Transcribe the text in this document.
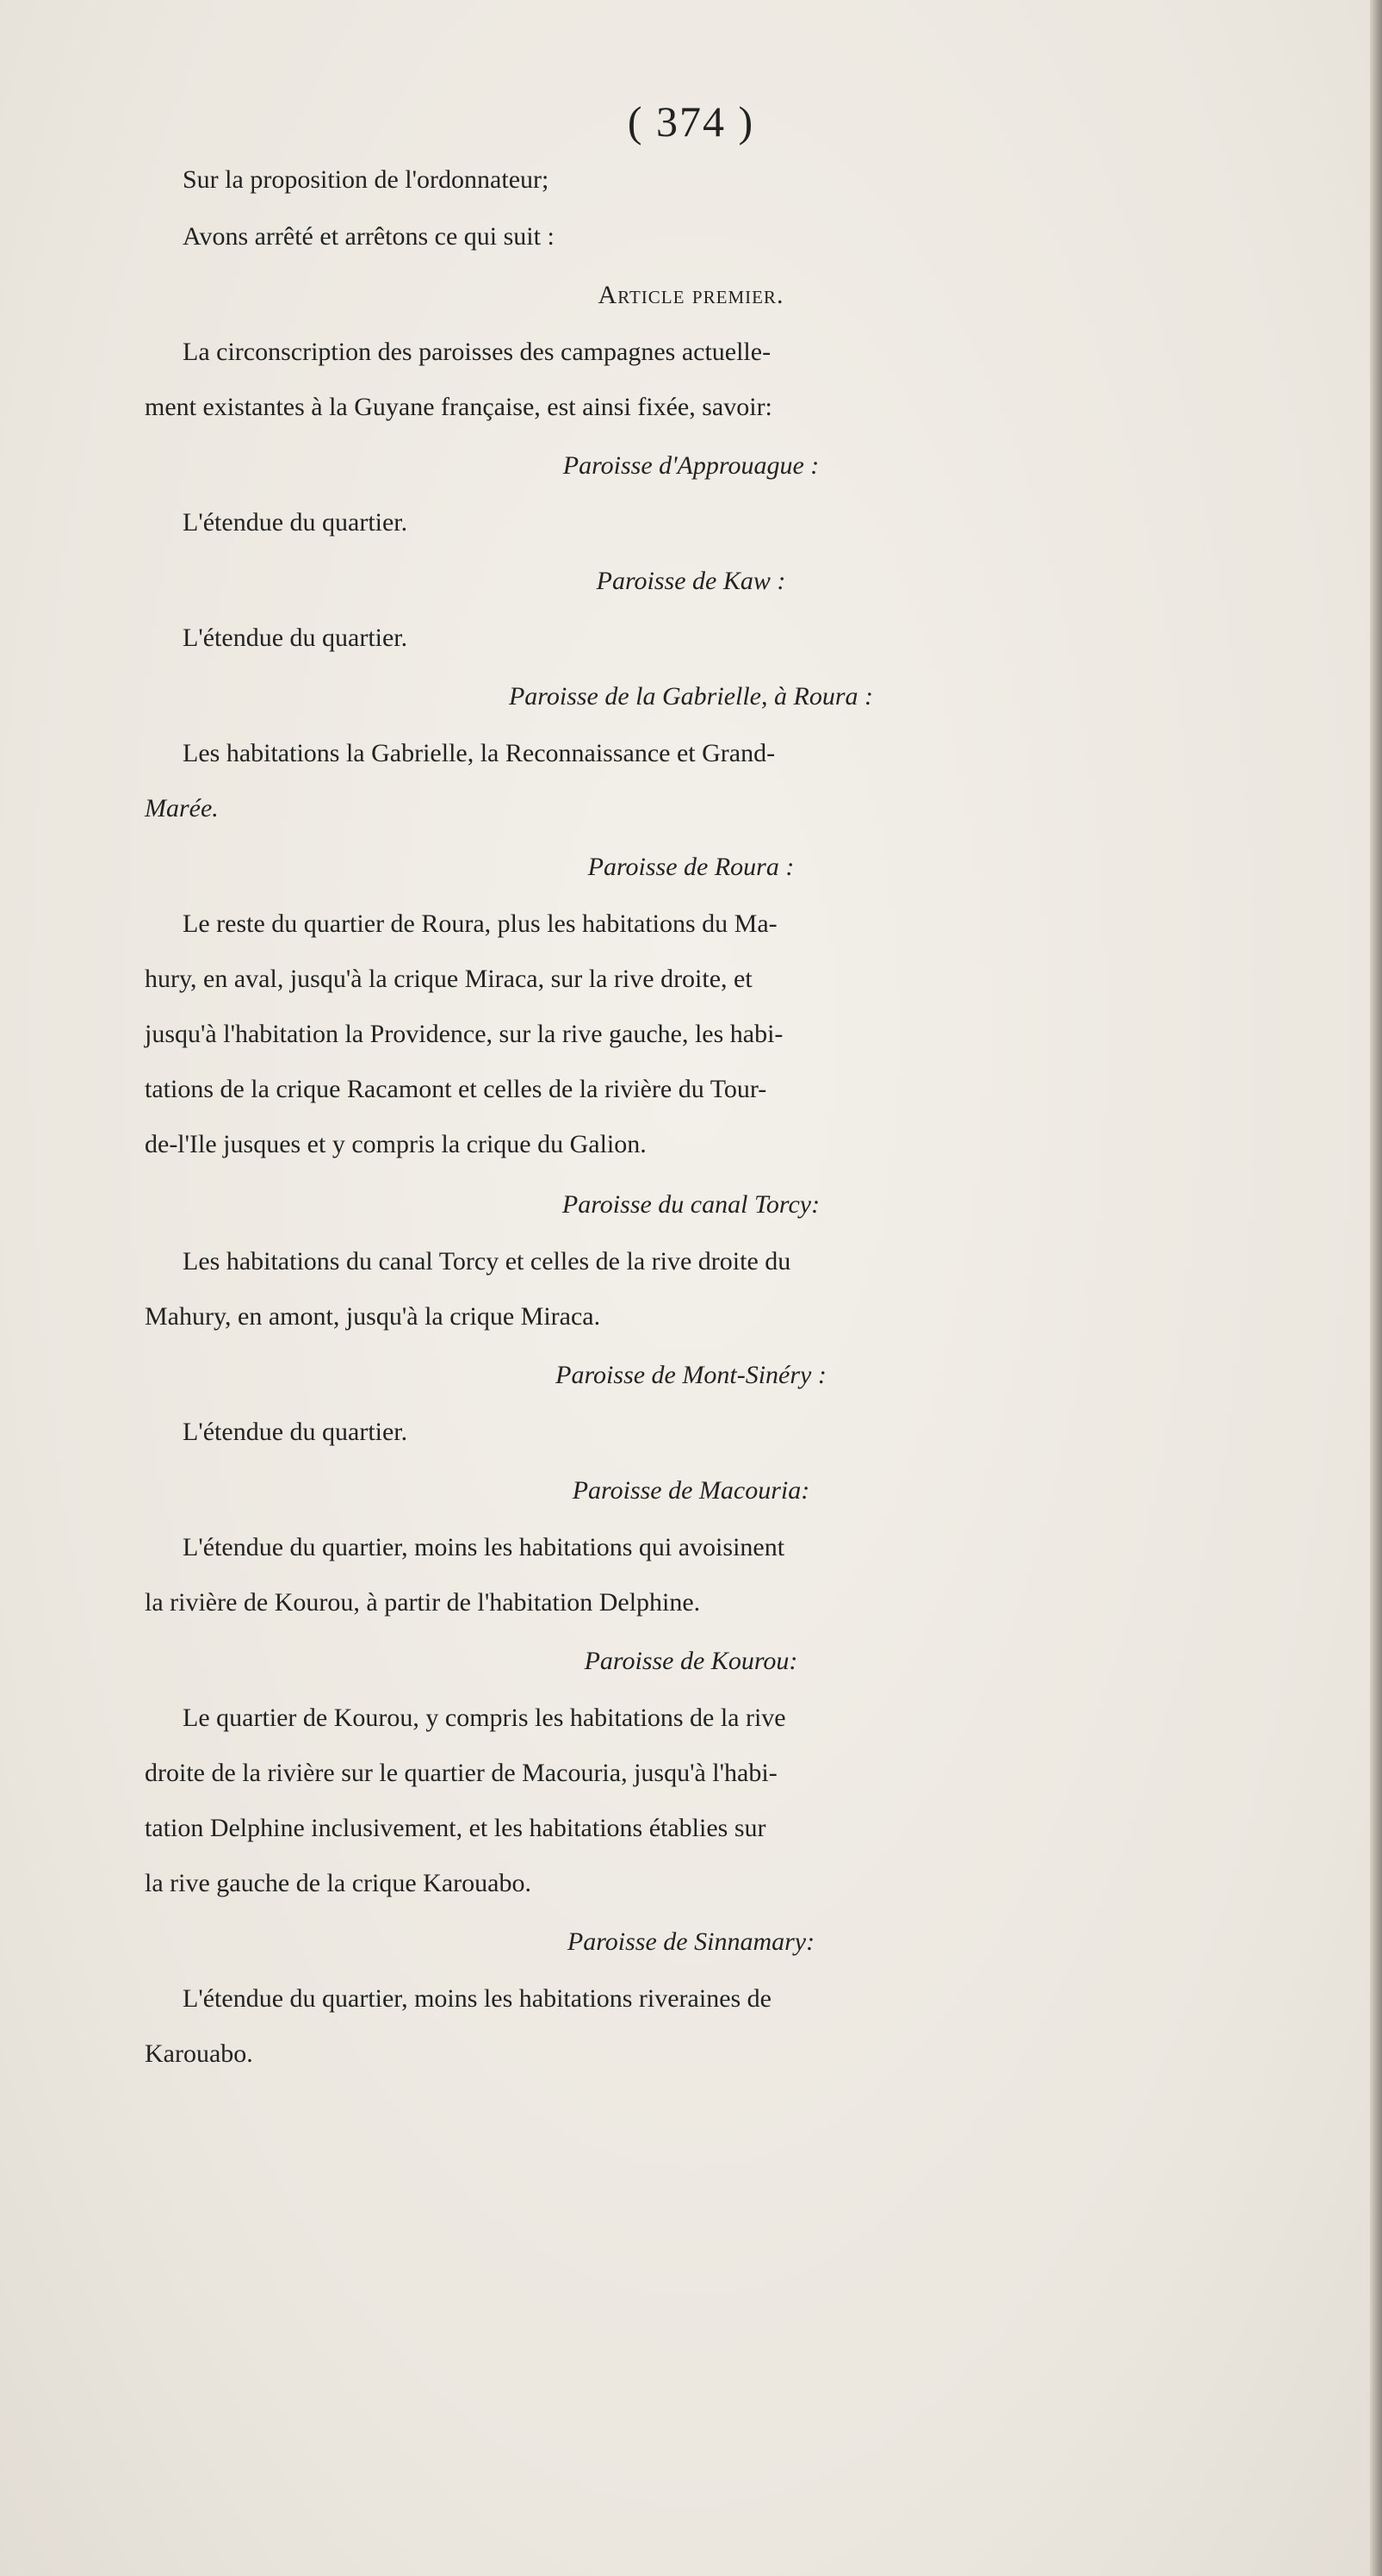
( 374 )
Sur la proposition de l'ordonnateur;
Avons arrêté et arrêtons ce qui suit :
Article premier.
La circonscription des paroisses des campagnes actuelle-
ment existantes à la Guyane française, est ainsi fixée, savoir:
Paroisse d'Approuague :
L'étendue du quartier.
Paroisse de Kaw :
L'étendue du quartier.
Paroisse de la Gabrielle, à Roura :
Les habitations la Gabrielle, la Reconnaissance et Grand-
Marée.
Paroisse de Roura :
Le reste du quartier de Roura, plus les habitations du Ma-
hury, en aval, jusqu'à la crique Miraca, sur la rive droite, et
jusqu'à l'habitation la Providence, sur la rive gauche, les habi-
tations de la crique Racamont et celles de la rivière du Tour-
de-l'Ile jusques et y compris la crique du Galion.
Paroisse du canal Torcy:
Les habitations du canal Torcy et celles de la rive droite du
Mahury, en amont, jusqu'à la crique Miraca.
Paroisse de Mont-Sinéry :
L'étendue du quartier.
Paroisse de Macouria:
L'étendue du quartier, moins les habitations qui avoisinent
la rivière de Kourou, à partir de l'habitation Delphine.
Paroisse de Kourou:
Le quartier de Kourou, y compris les habitations de la rive
droite de la rivière sur le quartier de Macouria, jusqu'à l'habi-
tation Delphine inclusivement, et les habitations établies sur
la rive gauche de la crique Karouabo.
Paroisse de Sinnamary:
L'étendue du quartier, moins les habitations riveraines de
Karouabo.
